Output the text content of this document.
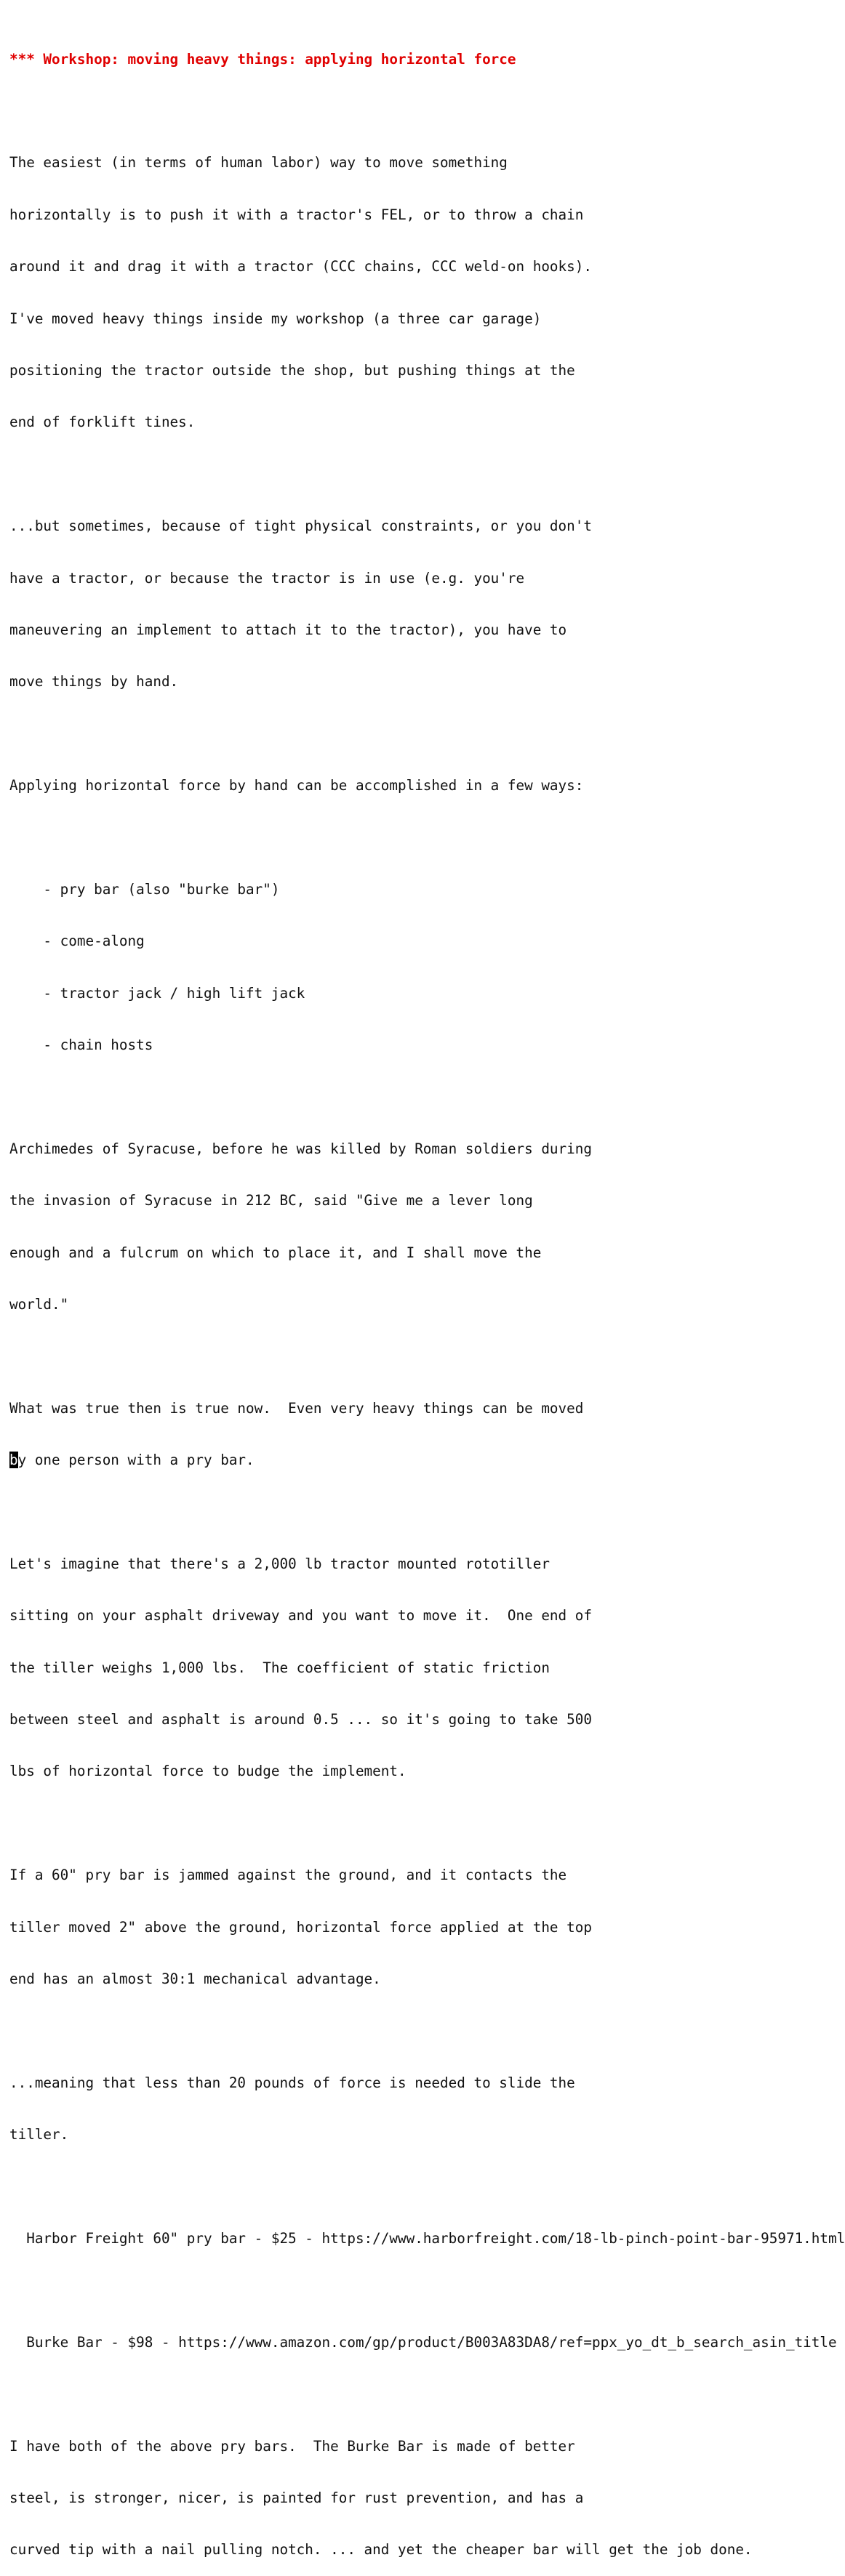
*** Workshop: moving heavy things: applying horizontal force

The easiest (in terms of human labor) way to move something

horizontally is to push it with a tractor's FEL, or to throw a chain

around it and drag it with a tractor (CCC chains, CCC weld-on hooks).

I've moved heavy things inside my workshop (a three car garage)

positioning the tractor outside the shop, but pushing things at the

end of forklift tines.

...but sometimes, because of tight physical constraints, or you don't

have a tractor, or because the tractor is in use (e.g. you're

maneuvering an implement to attach it to the tractor), you have to

move things by hand.

Applying horizontal force by hand can be accomplished in a few ways:

- pry bar (also "burke bar")

- come-along

- tractor jack / high lift jack

- chain hosts

Archimedes of Syracuse, before he was killed by Roman soldiers during

the invasion of Syracuse in 212 BC, said "Give me a lever long

enough and a fulcrum on which to place it, and I shall move the

world."

What was true then is true now.  Even very heavy things can be moved

by one person with a pry bar.

Let's imagine that there's a 2,000 lb tractor mounted rototiller

sitting on your asphalt driveway and you want to move it.  One end of

the tiller weighs 1,000 lbs.  The coefficient of static friction

between steel and asphalt is around 0.5 ... so it's going to take 500

lbs of horizontal force to budge the implement.

If a 60" pry bar is jammed against the ground, and it contacts the

tiller moved 2" above the ground, horizontal force applied at the top

end has an almost 30:1 mechanical advantage.

...meaning that less than 20 pounds of force is needed to slide the

tiller.

Harbor Freight 60" pry bar - $25 - https://www.harborfreight.com/18-lb-pinch-point-bar-95971.html

Burke Bar - $98 - https://www.amazon.com/gp/product/B003A83DA8/ref=ppx_yo_dt_b_search_asin_title

I have both of the above pry bars.  The Burke Bar is made of better

steel, is stronger, nicer, is painted for rust prevention, and has a

curved tip with a nail pulling notch. ... and yet the cheaper bar will get the job done.
